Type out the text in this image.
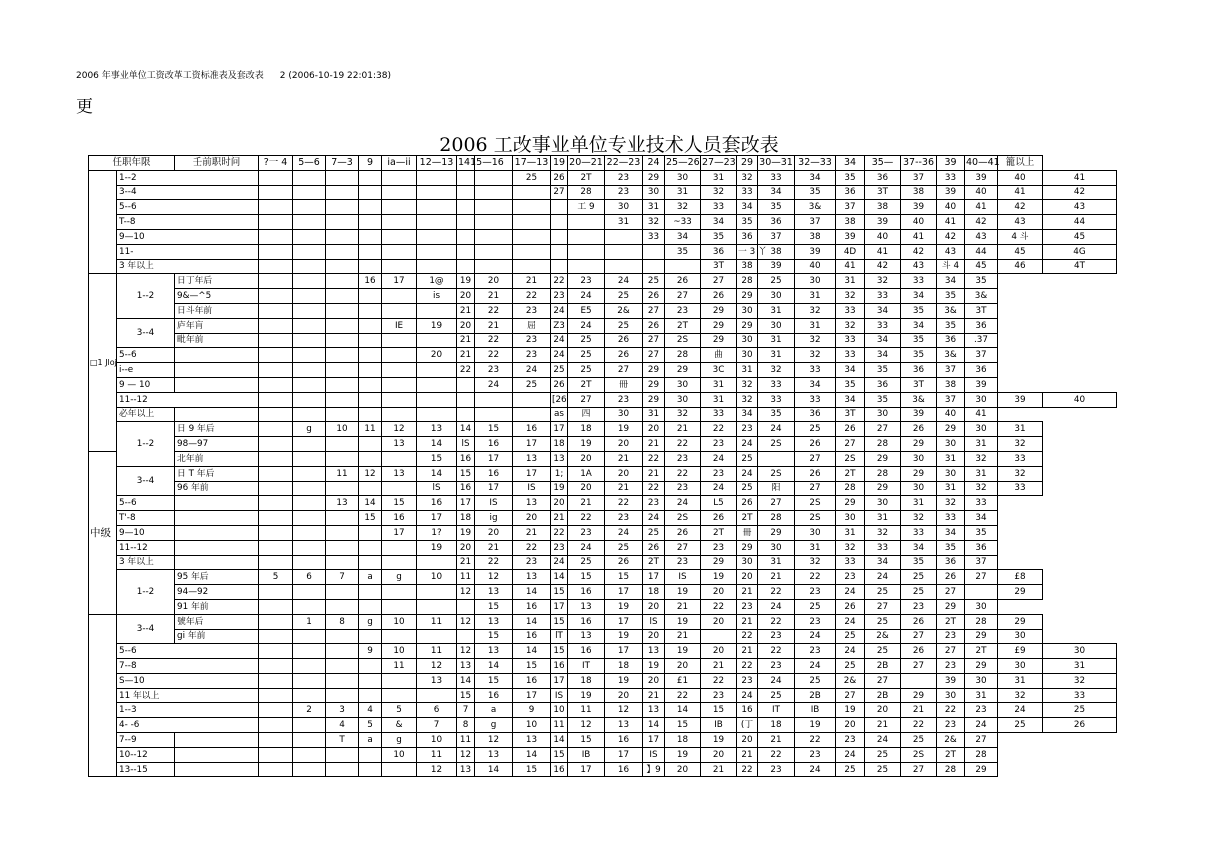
2006 年事业单位工资改革工资标准表及套改表 2 (2006-10-19 22:01:38)
更
2006 工改事业单位专业技术人员套改表
任职年限		壬前职时问	?一 4	5—6	7—3	9	ia—ii	12—13	1415—16		17—13	19	20—21	22—23	24	25—26	27—23	29	30—31	32—33	34	35—	37--36	39	40—41	籠以上	
	1--2										25	26	2T	23	29	30	31	32	33	34	35	36	37	33	39	40	41
	3--4											27	28	23	30	31	32	33	34	35	36	3T	38	39	40	41	42
	5--6												工 9	30	31	32	33	34	35	3&	37	38	39	40	41	42	43
	T--8													31	32	~33	34	35	36	37	38	39	40	41	42	43	44
	9—10														33	34	35	36	37	38	39	40	41	42	43	4 斗	45
	11-															35	36	一 3 丫	38	39	4D	41	42	43	44	45	4G
	3 年以上																3T	38	39	40	41	42	43	斗 4	45	46	4T
□1 Jloj	1--2	日丁年后				16	17	1@	19	20	21	22	23	24	25	26	27	28	25	30	31	32	33	34	35		
		9&—^5						is	20	21	22	23	24	25	26	27	26	29	30	31	32	33	34	35	3&		
		日斗年前							21	22	23	24	E5	2&	27	23	29	30	31	32	33	34	35	3&	3T		
	3--4	庐年肓					IE	19	20	21	屈	Z3	24	25	26	2T	29	29	30	31	32	33	34	35	36		
		毗年前							21	22	23	24	25	26	27	2S	29	30	31	32	33	34	35	36	.37		
	5--6							20	21	22	23	24	25	26	27	28	曲	30	31	32	33	34	35	3&	37		
	i--e								22	23	24	25	25	27	29	29	3C	31	32	33	34	35	36	37	36		
	9 — 10									24	25	26	2T	冊	29	30	31	32	33	34	35	36	3T	38	39		
	11--12											[26	27	23	29	30	31	32	33	33	34	35	3&	37	30	39	40
	必年以上											as	四	30	31	32	33	34	35	36	3T	30	39	40	41		
	1--2	日 9 年后		g	10	11	12	13	14	15	16	17	18	19	20	21	22	23	24	25	26	27	26	29	30	31	
		98—97					13	14	lS	16	17	18	19	20	21	22	23	24	2S	26	27	28	29	30	31	32	
中级		北年前						15	16	17	13	13	20	21	22	23	24	25		27	2S	29	30	31	32	33	
	3--4	日 T 年后			11	12	13	14	15	16	17	1;	1A	20	21	22	23	24	2S	26	2T	28	29	30	31	32	
		96 年前						lS	16	17	IS	19	20	21	22	23	24	25	阳	27	28	29	30	31	32	33	
	5--6				13	14	15	16	17	IS	13	20	21	22	23	24	L5	26	27	2S	29	30	31	32	33		
	T'-8					15	16	17	18	ig	20	21	22	23	24	2S	26	2T	28	2S	30	31	32	33	34		
	9—10						17	1?	19	20	21	22	23	24	25	26	2T	冊	29	30	31	32	33	34	35		
	11--12							19	20	21	22	23	24	25	26	27	23	29	30	31	32	33	34	35	36		
	3 年以上								21	22	23	24	25	26	2T	23	29	30	31	32	33	34	35	36	37		
	1--2	95 年后	5	6	7	a	g	10	11	12	13	14	15	15	17	IS	19	20	21	22	23	24	25	26	27	£8	
		94—92							12	13	14	15	16	17	18	19	20	21	22	23	24	25	25	27		29	
		91 年前								15	16	17	13	19	20	21	22	23	24	25	26	27	23	29	30		
	3--4	號年后		1	8	g	10	11	12	13	14	15	16	17	lS	19	20	21	22	23	24	25	26	2T	28	29	
		gi 年前								15	16	lT	13	19	20	21		22	23	24	25	2&	27	23	29	30	
	5--6					9	10	11	12	13	14	15	16	17	13	19	20	21	22	23	24	25	26	27	2T	£9	30
	7--8						11	12	13	14	15	16	IT	18	19	20	21	22	23	24	25	2B	27	23	29	30	31
	S—10							13	14	15	16	17	18	19	20	£1	22	23	24	25	2&	27		39	30	31	32
	11 年以上								15	16	17	IS	19	20	21	22	23	24	25	2B	27	2B	29	30	31	32	33
	1--3			2	3	4	5	6	7	a	9	10	11	12	13	14	15	16	IT	IB	19	20	21	22	23	24	25
	4- -6				4	5	&	7	8	g	10	11	12	13	14	15	IB	(丁	18	19	20	21	22	23	24	25	26
	7--9				T	a	g	10	11	12	13	14	15	16	17	18	19	20	21	22	23	24	25	2&	27		
	10--12						10	11	12	13	14	15	IB	17	IS	19	20	21	22	23	24	25	2S	2T	28		
	13--15							12	13	14	15	16	17	16	】9	20	21	22	23	24	25	25	27	28	29		
